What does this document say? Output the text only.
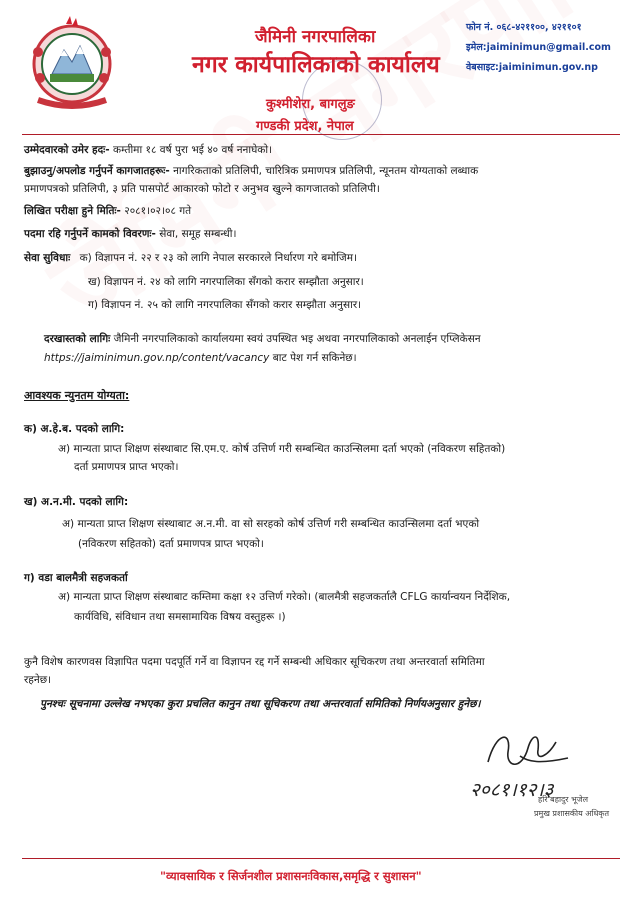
जैमिनी नगरपालिका
नगर कार्यपालिकाको कार्यालय
कुश्मीशेरा, बागलुङ
गण्डकी प्रदेश, नेपाल
फोन नं. ०६८-४२११००, ४२११०१
इमेल:jaiminimun@gmail.com
वेबसाइट:jaiminimun.gov.np
उम्मेदवारको उमेर हदः- कम्तीमा १८ वर्ष पुरा भई ४० वर्ष ननाघेको।
बुझाउनु/अपलोड गर्नुपर्ने कागजातहरूः- नागरिकताको प्रतिलिपी, चारित्रिक प्रमाणपत्र प्रतिलिपी, न्यूनतम योग्यताको लब्धाक
प्रमाणपत्रको प्रतिलिपी, ३ प्रति पासपोर्ट आकारको फोटो र अनुभव खुल्ने कागजातको प्रतिलिपी।
लिखित परीक्षा हुने मितिः- २०८१।०२।०८ गते
पदमा रहि गर्नुपर्ने कामको विवरणः- सेवा, समूह सम्बन्धी।
सेवा सुविधाः क) विज्ञापन नं. २२ र २३ को लागि नेपाल सरकारले निर्धारण गरे बमोजिम।
ख) विज्ञापन नं. २४ को लागि नगरपालिका सँगको करार सम्झौता अनुसार।
ग) विज्ञापन नं. २५ को लागि नगरपालिका सँगको करार सम्झौता अनुसार।
दरखास्तको लागिः जैमिनी नगरपालिकाको कार्यालयमा स्वयं उपस्थित भइ अथवा नगरपालिकाको अनलाईन एप्लिकेसन
https://jaiminimun.gov.np/content/vacancy बाट पेश गर्न सकिनेछ।
आवश्यक न्युनतम योग्यता:
क) अ.हे.ब. पदको लागि:
अ) मान्यता प्राप्त शिक्षण संस्थाबाट सि.एम.ए. कोर्ष उत्तिर्ण गरी सम्बन्धित काउन्सिलमा दर्ता भएको (नविकरण सहितको)
दर्ता प्रमाणपत्र प्राप्त भएको।
ख) अ.न.मी. पदको लागि:
अ) मान्यता प्राप्त शिक्षण संस्थाबाट अ.न.मी. वा सो सरहको कोर्ष उत्तिर्ण गरी सम्बन्धित काउन्सिलमा दर्ता भएको
(नविकरण सहितको) दर्ता प्रमाणपत्र प्राप्त भएको।
ग) वडा बालमैत्री सहजकर्ता
अ) मान्यता प्राप्त शिक्षण संस्थाबाट कम्तिमा कक्षा १२ उत्तिर्ण गरेको। (बालमैत्री सहजकर्तालै CFLG कार्यान्वयन निर्देशिक,
कार्यविधि, संविधान तथा समसामायिक विषय वस्तुहरू ।)
कुनै विशेष कारणवस विज्ञापित पदमा पदपूर्ति गर्ने वा विज्ञापन रद्द गर्ने सम्बन्धी अधिकार सूचिकरण तथा अन्तरवार्ता समितिमा
रहनेछ।
पुनश्चः सूचनामा उल्लेख नभएका कुरा प्रचलित कानुन तथा सूचिकरण तथा अन्तरवार्ता समितिको निर्णयअनुसार हुनेछ।
२०८१।१२।३
हरि बहादुर भूजेल
प्रमुख प्रशासकीय अधिकृत
"व्यावसायिक र सिर्जनशील प्रशासनःविकास,समृद्धि र सुशासन"
